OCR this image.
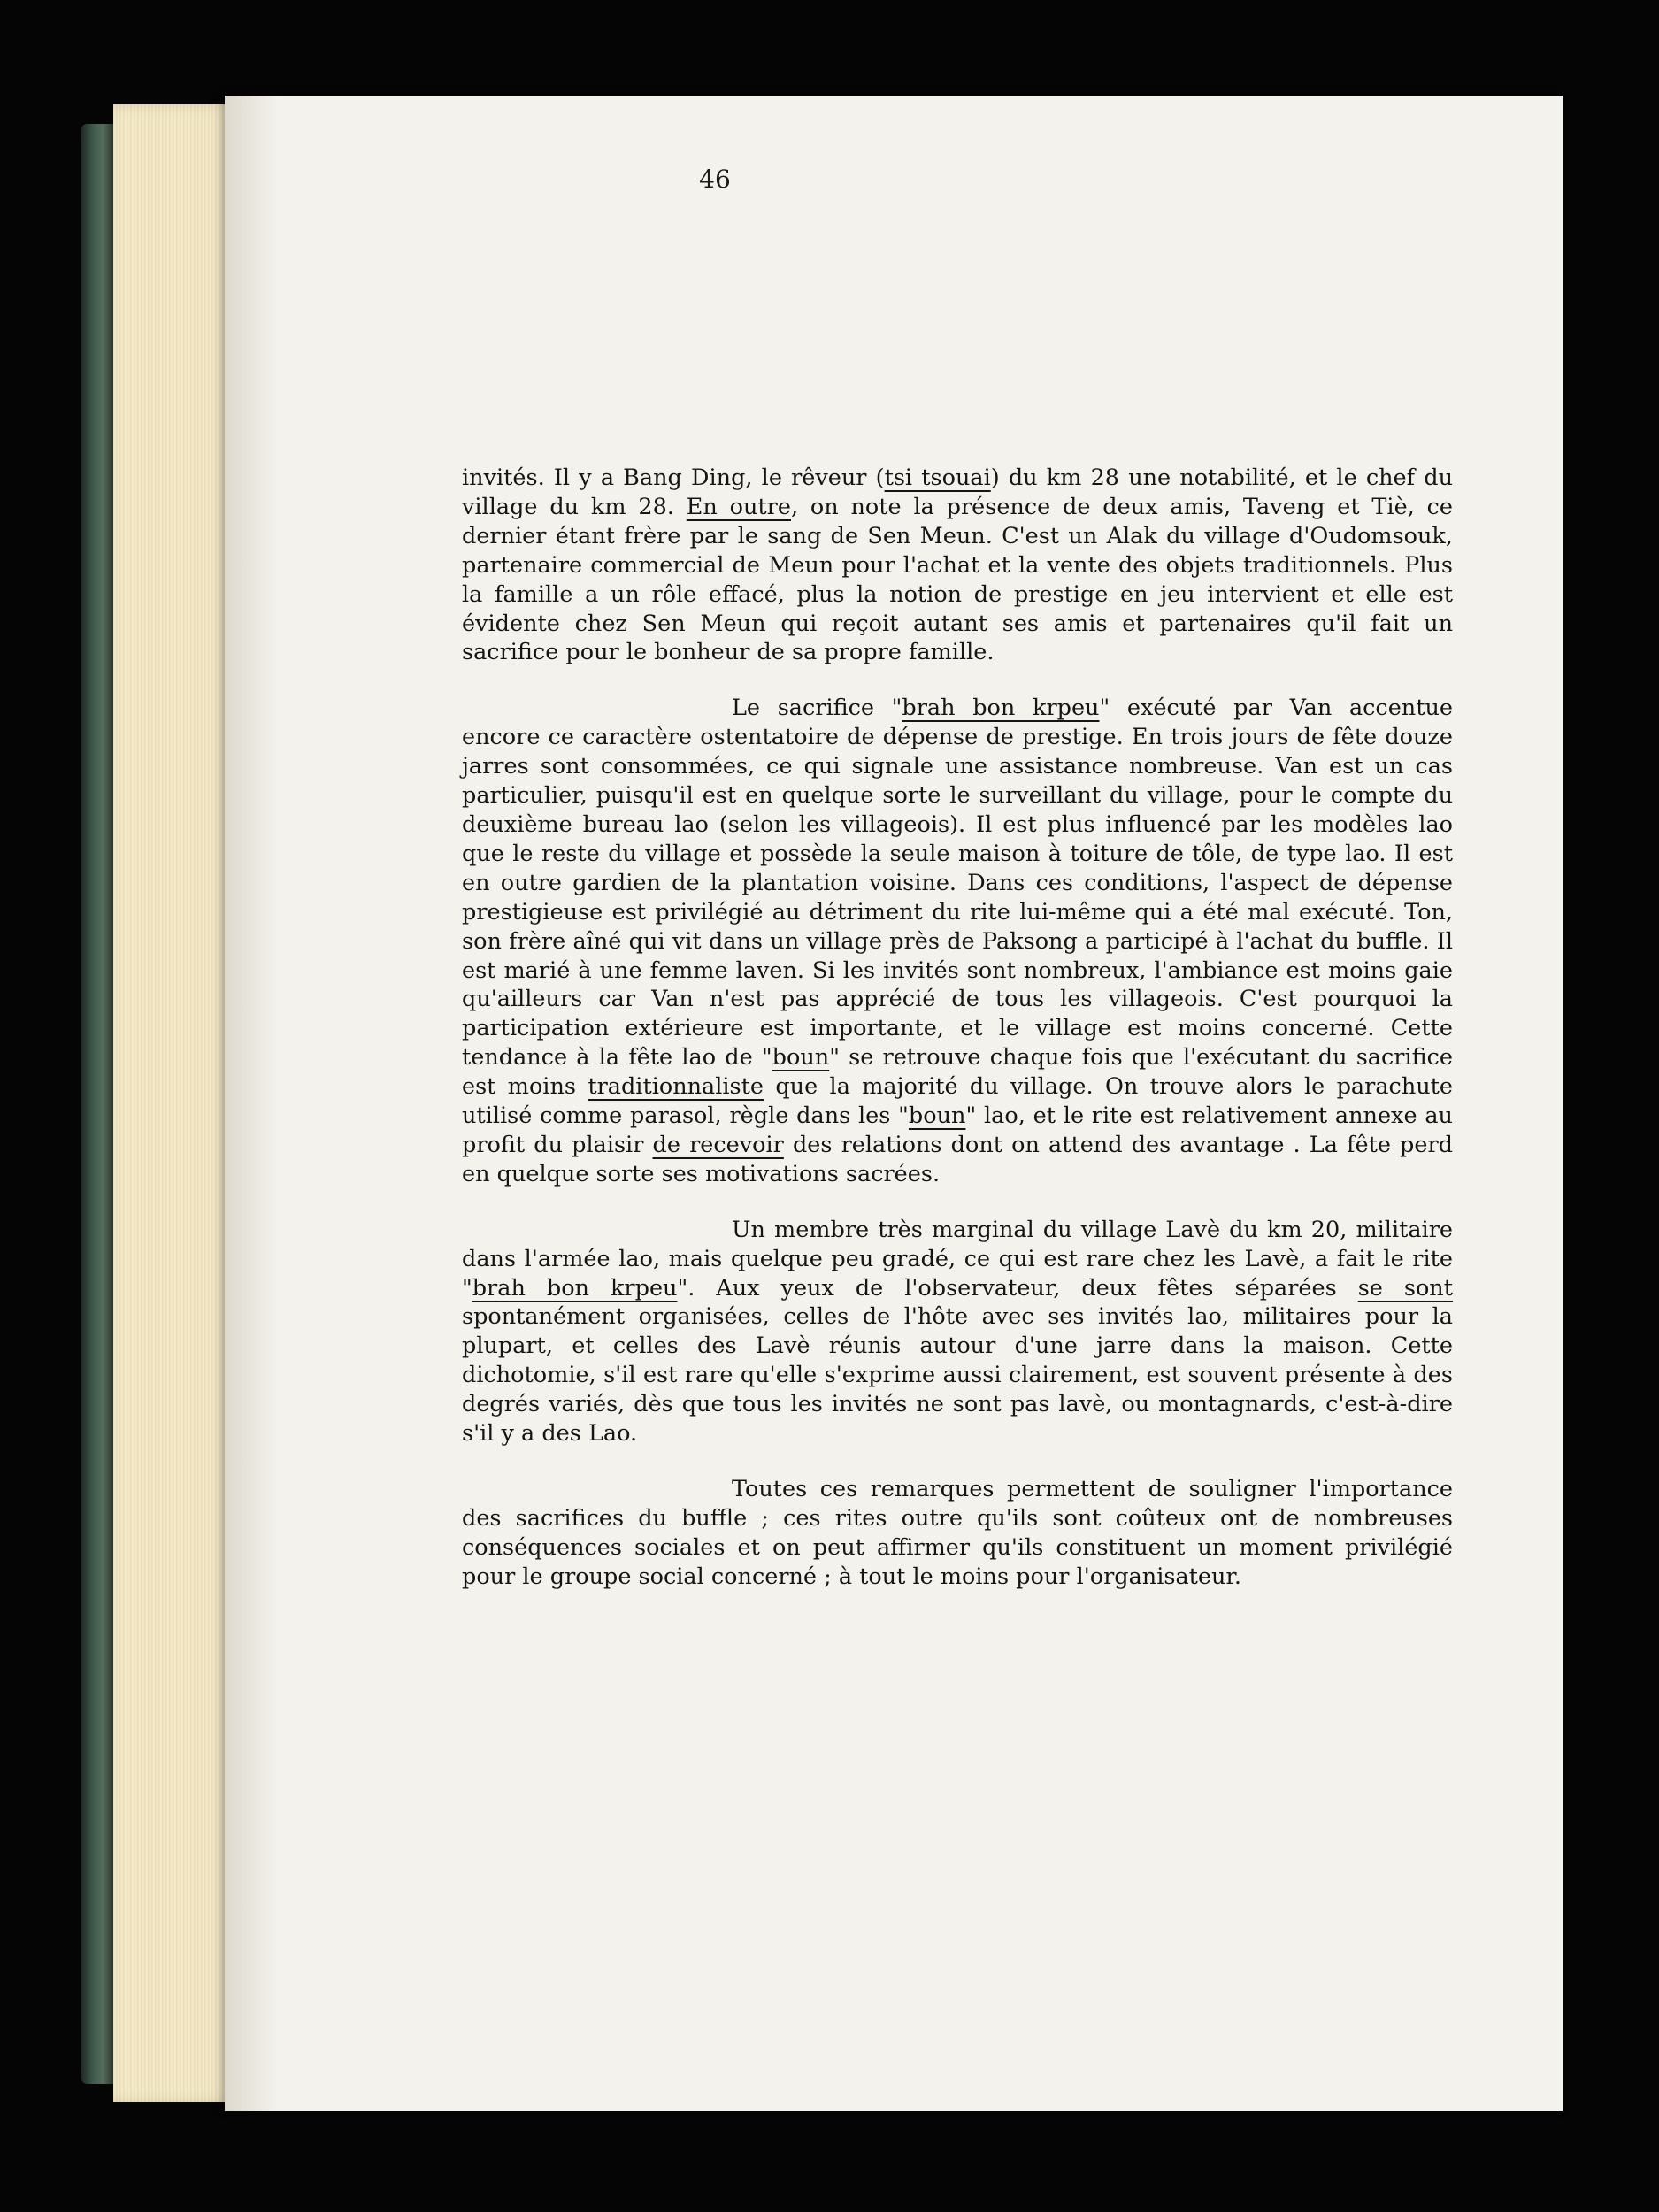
46

invités. Il y a Bang Ding, le rêveur (tsi tsouai) du km 28 une notabilité, et le chef du village du km 28. En outre, on note la présence de deux amis, Taveng et Tiè, ce dernier étant frère par le sang de Sen Meun. C'est un Alak du village d'Oudomsouk, partenaire commercial de Meun pour l'achat et la vente des objets traditionnels. Plus la famille a un rôle effacé, plus la notion de prestige en jeu intervient et elle est évidente chez Sen Meun qui reçoit autant ses amis et partenaires qu'il fait un sacrifice pour le bonheur de sa propre famille.

Le sacrifice "brah bon krpeu" exécuté par Van accentue encore ce caractère ostentatoire de dépense de prestige. En trois jours de fête douze jarres sont consommées, ce qui signale une assistance nombreuse. Van est un cas particulier, puisqu'il est en quelque sorte le surveillant du village, pour le compte du deuxième bureau lao (selon les villageois). Il est plus influencé par les modèles lao que le reste du village et possède la seule maison à toiture de tôle, de type lao. Il est en outre gardien de la plantation voisine. Dans ces conditions, l'aspect de dépense prestigieuse est privilégié au détriment du rite lui-même qui a été mal exécuté. Ton, son frère aîné qui vit dans un village près de Paksong a participé à l'achat du buffle. Il est marié à une femme laven. Si les invités sont nombreux, l'ambiance est moins gaie qu'ailleurs car Van n'est pas apprécié de tous les villageois. C'est pourquoi la participation extérieure est importante, et le village est moins concerné. Cette tendance à la fête lao de "boun" se retrouve chaque fois que l'exécutant du sacrifice est moins traditionnaliste que la majorité du village. On trouve alors le parachute utilisé comme parasol, règle dans les "boun" lao, et le rite est relativement annexe au profit du plaisir de recevoir des relations dont on attend des avantage . La fête perd en quelque sorte ses motivations sacrées.

Un membre très marginal du village Lavè du km 20, militaire dans l'armée lao, mais quelque peu gradé, ce qui est rare chez les Lavè, a fait le rite "brah bon krpeu". Aux yeux de l'observateur, deux fêtes séparées se sont spontanément organisées, celles de l'hôte avec ses invités lao, militaires pour la plupart, et celles des Lavè réunis autour d'une jarre dans la maison. Cette dichotomie, s'il est rare qu'elle s'exprime aussi clairement, est souvent présente à des degrés variés, dès que tous les invités ne sont pas lavè, ou montagnards, c'est-à-dire s'il y a des Lao.

Toutes ces remarques permettent de souligner l'importance des sacrifices du buffle ; ces rites outre qu'ils sont coûteux ont de nombreuses conséquences sociales et on peut affirmer qu'ils constituent un moment privilégié pour le groupe social concerné ; à tout le moins pour l'organisateur.
